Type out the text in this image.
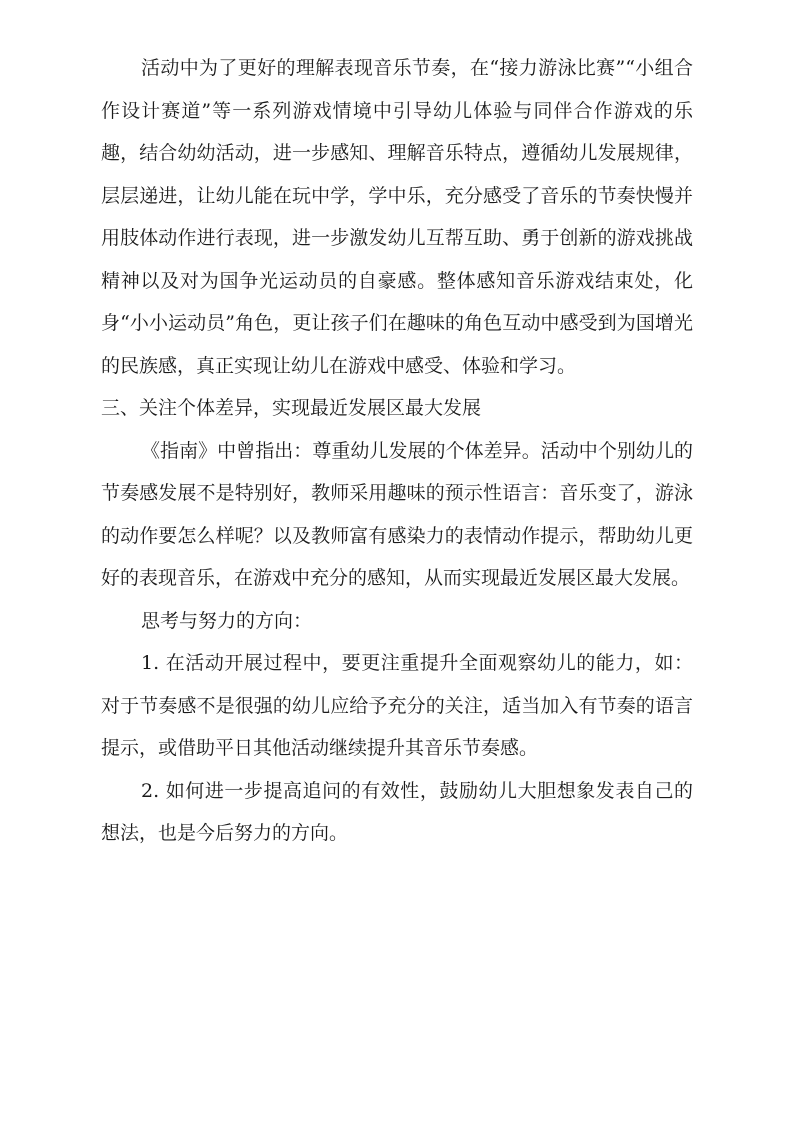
活动中为了更好的理解表现音乐节奏，在“接力游泳比赛”“小组合作设计赛道”等一系列游戏情境中引导幼儿体验与同伴合作游戏的乐趣，结合幼幼活动，进一步感知、理解音乐特点，遵循幼儿发展规律，层层递进，让幼儿能在玩中学，学中乐，充分感受了音乐的节奏快慢并用肢体动作进行表现，进一步激发幼儿互帮互助、勇于创新的游戏挑战精神以及对为国争光运动员的自豪感。整体感知音乐游戏结束处，化身“小小运动员”角色，更让孩子们在趣味的角色互动中感受到为国增光的民族感，真正实现让幼儿在游戏中感受、体验和学习。

三、关注个体差异，实现最近发展区最大发展

《指南》中曾指出：尊重幼儿发展的个体差异。活动中个别幼儿的节奏感发展不是特别好，教师采用趣味的预示性语言：音乐变了，游泳的动作要怎么样呢？以及教师富有感染力的表情动作提示，帮助幼儿更好的表现音乐，在游戏中充分的感知，从而实现最近发展区最大发展。

思考与努力的方向：

1. 在活动开展过程中，要更注重提升全面观察幼儿的能力，如：对于节奏感不是很强的幼儿应给予充分的关注，适当加入有节奏的语言提示，或借助平日其他活动继续提升其音乐节奏感。

2. 如何进一步提高追问的有效性，鼓励幼儿大胆想象发表自己的想法，也是今后努力的方向。
